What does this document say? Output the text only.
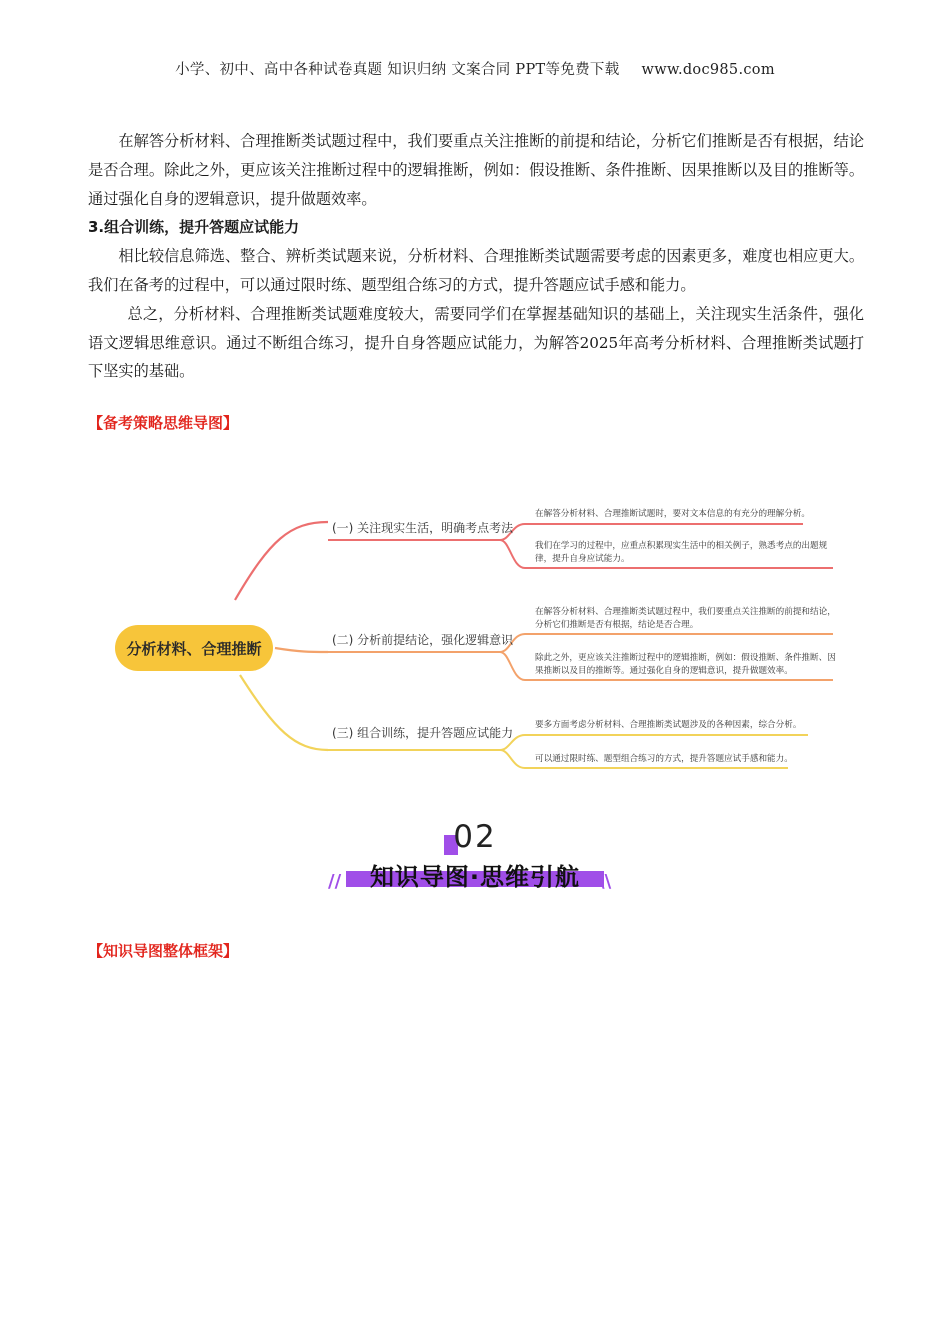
小学、初中、高中各种试卷真题 知识归纳 文案合同 PPT等免费下载 www.doc985.com

在解答分析材料、合理推断类试题过程中，我们要重点关注推断的前提和结论，分析它们推断是否有根据，结论是否合理。除此之外，更应该关注推断过程中的逻辑推断，例如：假设推断、条件推断、因果推断以及目的推断等。通过强化自身的逻辑意识，提升做题效率。

3.组合训练，提升答题应试能力

相比较信息筛选、整合、辨析类试题来说，分析材料、合理推断类试题需要考虑的因素更多，难度也相应更大。我们在备考的过程中，可以通过限时练、题型组合练习的方式，提升答题应试手感和能力。

总之，分析材料、合理推断类试题难度较大，需要同学们在掌握基础知识的基础上，关注现实生活条件，强化语文逻辑思维意识。通过不断组合练习，提升自身答题应试能力，为解答2025年高考分析材料、合理推断类试题打下坚实的基础。

【备考策略思维导图】
分析材料、合理推断
(一) 关注现实生活，明确考点考法
(二) 分析前提结论，强化逻辑意识
(三) 组合训练，提升答题应试能力
在解答分析材料、合理推断试题时，要对文本信息的有充分的理解分析。
我们在学习的过程中，应重点积累现实生活中的相关例子，熟悉考点的出题规 律，提升自身应试能力。
在解答分析材料、合理推断类试题过程中，我们要重点关注推断的前提和结论， 分析它们推断是否有根据，结论是否合理。
除此之外，更应该关注推断过程中的逻辑推断，例如：假设推断、条件推断、因 果推断以及目的推断等。通过强化自身的逻辑意识，提升做题效率。
要多方面考虑分析材料、合理推断类试题涉及的各种因素，综合分析。
可以通过限时练、题型组合练习的方式，提升答题应试手感和能力。
02
//	知识导图·思维引航 \\
【知识导图整体框架】
